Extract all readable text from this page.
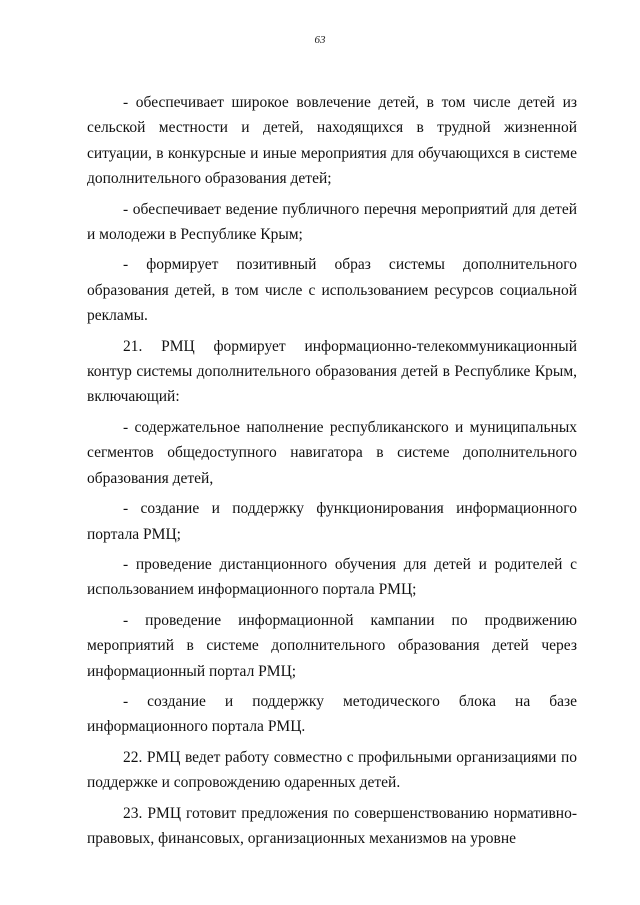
63

- обеспечивает широкое вовлечение детей, в том числе детей из сельской местности и детей, находящихся в трудной жизненной ситуации, в конкурсные и иные мероприятия для обучающихся в системе дополнительного образования детей;

- обеспечивает ведение публичного перечня мероприятий для детей и молодежи в Республике Крым;

- формирует позитивный образ системы дополнительного образования детей, в том числе с использованием ресурсов социальной рекламы.

21. РМЦ формирует информационно-телекоммуникационный контур системы дополнительного образования детей в Республике Крым, включающий:

- содержательное наполнение республиканского и муниципальных сегментов общедоступного навигатора в системе дополнительного образования детей,

- создание и поддержку функционирования информационного портала РМЦ;

- проведение дистанционного обучения для детей и родителей с использованием информационного портала РМЦ;

- проведение информационной кампании по продвижению мероприятий в системе дополнительного образования детей через информационный портал РМЦ;

- создание и поддержку методического блока на базе информационного портала РМЦ.

22. РМЦ ведет работу совместно с профильными организациями по поддержке и сопровождению одаренных детей.

23. РМЦ готовит предложения по совершенствованию нормативно-правовых, финансовых, организационных механизмов на уровне
